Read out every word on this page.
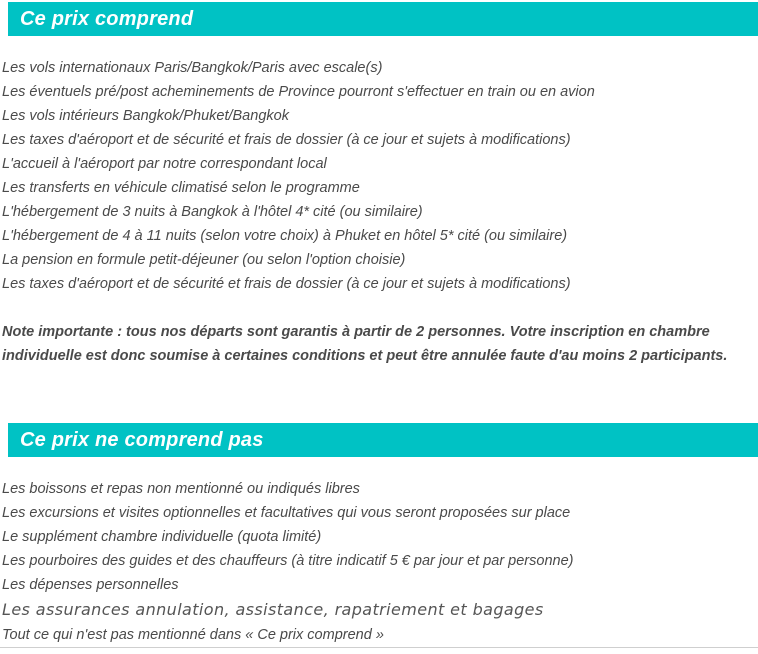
Ce prix comprend
Les vols internationaux Paris/Bangkok/Paris avec escale(s)
Les éventuels pré/post acheminements de Province pourront s'effectuer en train ou en avion
Les vols intérieurs Bangkok/Phuket/Bangkok
Les taxes d'aéroport et de sécurité et frais de dossier (à ce jour et sujets à modifications)
L'accueil à l'aéroport par notre correspondant local
Les transferts en véhicule climatisé selon le programme
L'hébergement de 3 nuits à Bangkok à l'hôtel 4* cité (ou similaire)
L'hébergement de 4 à 11 nuits (selon votre choix) à Phuket en hôtel 5* cité (ou similaire)
La pension en formule petit-déjeuner (ou selon l'option choisie)
Les taxes d'aéroport et de sécurité et frais de dossier (à ce jour et sujets à modifications)
Note importante : tous nos départs sont garantis à partir de 2 personnes. Votre inscription en chambre individuelle est donc soumise à certaines conditions et peut être annulée faute d'au moins 2 participants.
Ce prix ne comprend pas
Les boissons et repas non mentionné ou indiqués libres
Les excursions et visites optionnelles et facultatives qui vous seront proposées sur place
Le supplément chambre individuelle (quota limité)
Les pourboires des guides et des chauffeurs (à titre indicatif 5 € par jour et par personne)
Les dépenses personnelles
Les assurances annulation, assistance, rapatriement et bagages
Tout ce qui n'est pas mentionné dans « Ce prix comprend »
